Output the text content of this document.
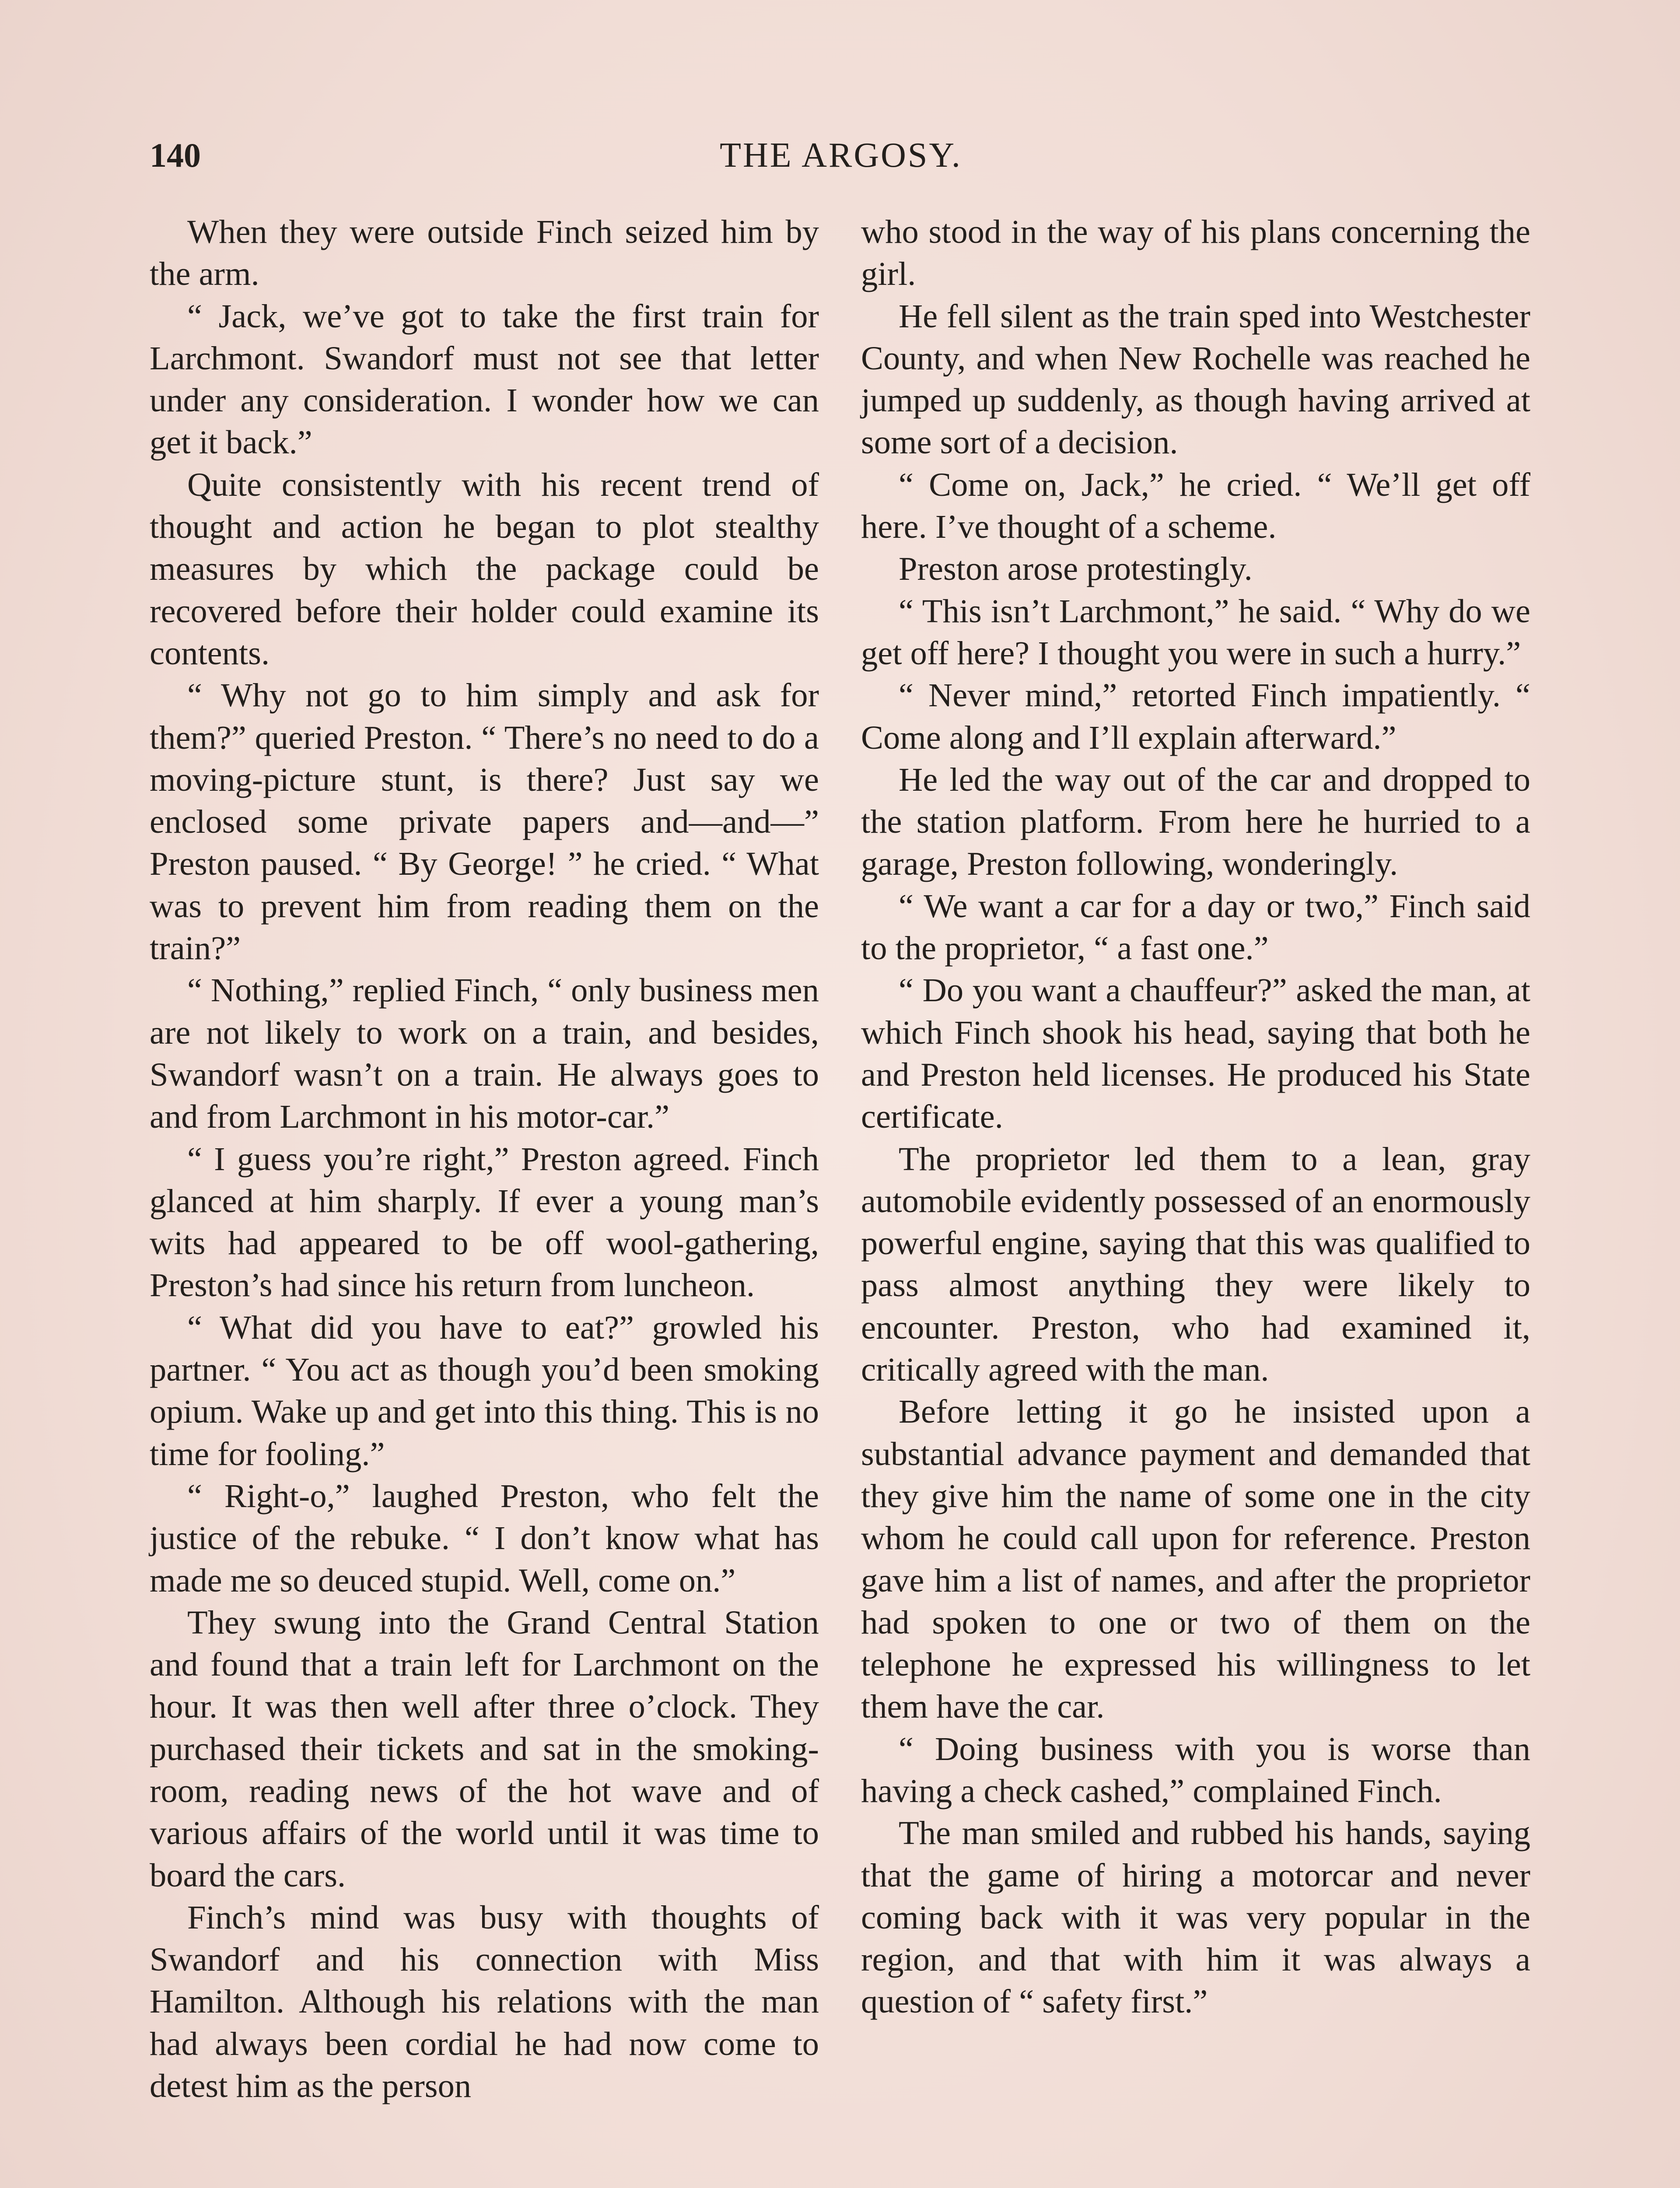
140	THE ARGOSY.

When they were outside Finch seized him by the arm.

“ Jack, we’ve got to take the first train for Larchmont. Swandorf must not see that letter under any consideration. I wonder how we can get it back.”

Quite consistently with his recent trend of thought and action he began to plot stealthy measures by which the package could be recovered before their holder could examine its contents.

“ Why not go to him simply and ask for them?” queried Preston. “ There’s no need to do a moving-picture stunt, is there? Just say we enclosed some private papers and—and—” Preston paused. “ By George! ” he cried. “ What was to prevent him from reading them on the train?”

“ Nothing,” replied Finch, “ only business men are not likely to work on a train, and besides, Swandorf wasn’t on a train. He always goes to and from Larchmont in his motor-car.”

“ I guess you’re right,” Preston agreed. Finch glanced at him sharply. If ever a young man’s wits had appeared to be off wool-gathering, Preston’s had since his return from luncheon.

“ What did you have to eat?” growled his partner. “ You act as though you’d been smoking opium. Wake up and get into this thing. This is no time for fooling.”

“ Right-o,” laughed Preston, who felt the justice of the rebuke. “ I don’t know what has made me so deuced stupid. Well, come on.”

They swung into the Grand Central Station and found that a train left for Larchmont on the hour. It was then well after three o’clock. They purchased their tickets and sat in the smoking-room, reading news of the hot wave and of various affairs of the world until it was time to board the cars.

Finch’s mind was busy with thoughts of Swandorf and his connection with Miss Hamilton. Although his relations with the man had always been cordial he had now come to detest him as the person

who stood in the way of his plans concerning the girl.

He fell silent as the train sped into Westchester County, and when New Rochelle was reached he jumped up suddenly, as though having arrived at some sort of a decision.

“ Come on, Jack,” he cried. “ We’ll get off here. I’ve thought of a scheme.

Preston arose protestingly.

“ This isn’t Larchmont,” he said. “ Why do we get off here? I thought you were in such a hurry.”

“ Never mind,” retorted Finch impatiently. “ Come along and I’ll explain afterward.”

He led the way out of the car and dropped to the station platform. From here he hurried to a garage, Preston following, wonderingly.

“ We want a car for a day or two,” Finch said to the proprietor, “ a fast one.”

“ Do you want a chauffeur?” asked the man, at which Finch shook his head, saying that both he and Preston held licenses. He produced his State certificate.

The proprietor led them to a lean, gray automobile evidently possessed of an enormously powerful engine, saying that this was qualified to pass almost anything they were likely to encounter. Preston, who had examined it, critically agreed with the man.

Before letting it go he insisted upon a substantial advance payment and demanded that they give him the name of some one in the city whom he could call upon for reference. Preston gave him a list of names, and after the proprietor had spoken to one or two of them on the telephone he expressed his willingness to let them have the car.

“ Doing business with you is worse than having a check cashed,” complained Finch.

The man smiled and rubbed his hands, saying that the game of hiring a motorcar and never coming back with it was very popular in the region, and that with him it was always a question of “ safety first.”
